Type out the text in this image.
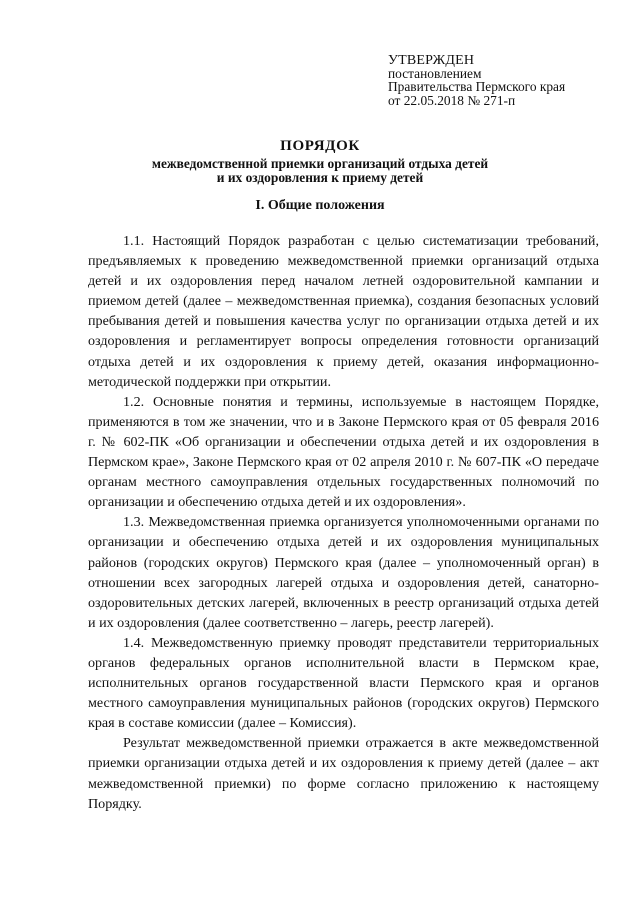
УТВЕРЖДЕН
постановлением
Правительства Пермского края
от 22.05.2018 № 271-п
ПОРЯДОК
межведомственной приемки организаций отдыха детей
и их оздоровления к приему детей
I. Общие положения

1.1. Настоящий Порядок разработан с целью систематизации требований, предъявляемых к проведению межведомственной приемки организаций отдыха детей и их оздоровления перед началом летней оздоровительной кампании и приемом детей (далее – межведомственная приемка), создания безопасных условий пребывания детей и повышения качества услуг по организации отдыха детей и их оздоровления и регламентирует вопросы определения готовности организаций отдыха детей и их оздоровления к приему детей, оказания информационно-методической поддержки при открытии.

1.2. Основные понятия и термины, используемые в настоящем Порядке, применяются в том же значении, что и в Законе Пермского края от 05 февраля 2016 г. № 602-ПК «Об организации и обеспечении отдыха детей и их оздоровления в Пермском крае», Законе Пермского края от 02 апреля 2010 г. № 607-ПК «О передаче органам местного самоуправления отдельных государственных полномочий по организации и обеспечению отдыха детей и их оздоровления».

1.3. Межведомственная приемка организуется уполномоченными органами по организации и обеспечению отдыха детей и их оздоровления муниципальных районов (городских округов) Пермского края (далее – уполномоченный орган) в отношении всех загородных лагерей отдыха и оздоровления детей, санаторно-оздоровительных детских лагерей, включенных в реестр организаций отдыха детей и их оздоровления (далее соответственно – лагерь, реестр лагерей).

1.4. Межведомственную приемку проводят представители территориальных органов федеральных органов исполнительной власти в Пермском крае, исполнительных органов государственной власти Пермского края и органов местного самоуправления муниципальных районов (городских округов) Пермского края в составе комиссии (далее – Комиссия).

Результат межведомственной приемки отражается в акте межведомственной приемки организации отдыха детей и их оздоровления к приему детей (далее – акт межведомственной приемки) по форме согласно приложению к настоящему Порядку.
